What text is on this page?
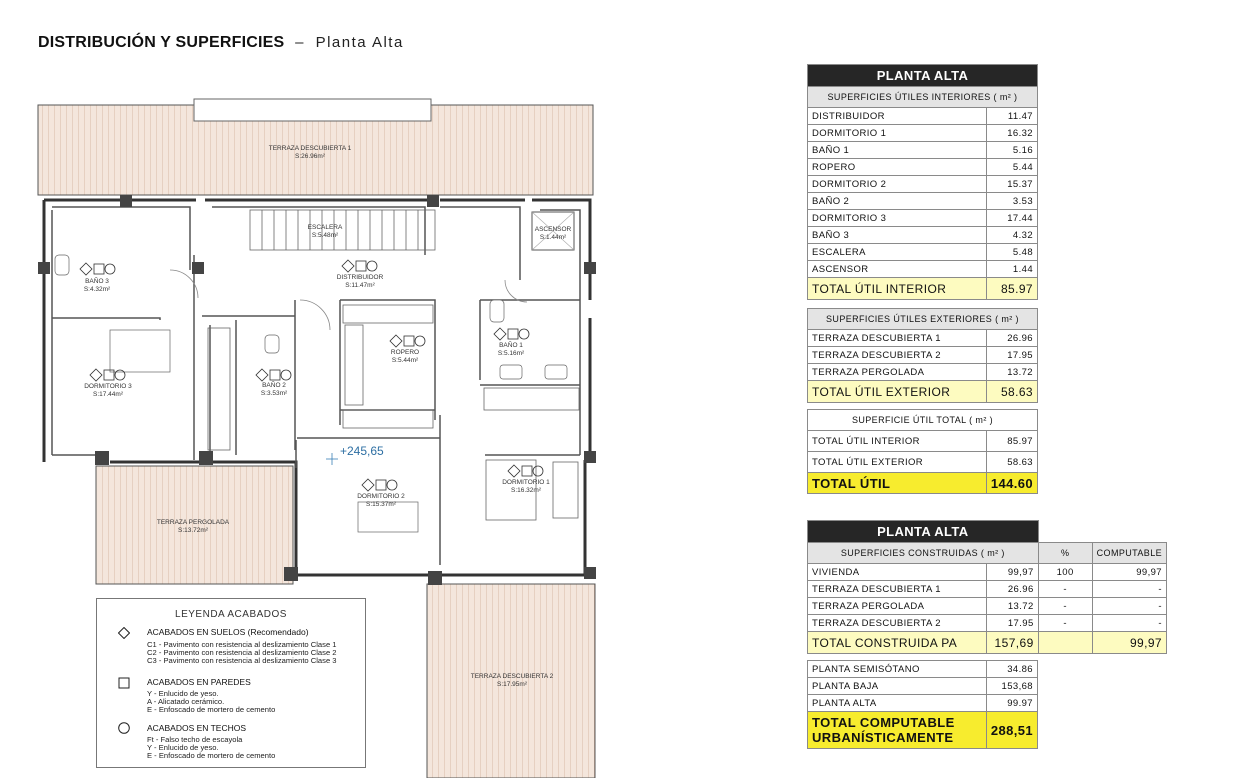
DISTRIBUCIÓN Y SUPERFICIES – Planta Alta
TERRAZA DESCUBIERTA 1
S:26.96m²
ESCALERA
S:5.48m²
ASCENSOR
S:1.44m²
DISTRIBUIDOR
S:11.47m²
BAÑO 3
S:4.32m²
ROPERO
S:5.44m²
BAÑO 1
S:5.16m²
DORMITORIO 3
S:17.44m²
BAÑO 2
S:3.53m²
DORMITORIO 2
S:15.37m²
DORMITORIO 1
S:16.32m²
TERRAZA PERGOLADA
S:13.72m²
TERRAZA DESCUBIERTA 2
S:17.95m²
+245,65
LEYENDA ACABADOS
ACABADOS EN SUELOS (Recomendado)
C1 - Pavimento con resistencia al deslizamiento Clase 1
C2 - Pavimento con resistencia al deslizamiento Clase 2
C3 - Pavimento con resistencia al deslizamiento Clase 3
ACABADOS EN PAREDES
Y - Enlucido de yeso.
A - Alicatado cerámico.
E - Enfoscado de mortero de cemento
ACABADOS EN TECHOS
Ft - Falso techo de escayola
Y - Enlucido de yeso.
E - Enfoscado de mortero de cemento
PLANTA ALTA	
SUPERFICIES ÚTILES INTERIORES ( m² )	
DISTRIBUIDOR	11.47
DORMITORIO 1	16.32
BAÑO 1	5.16
ROPERO	5.44
DORMITORIO 2	15.37
BAÑO 2	3.53
DORMITORIO 3	17.44
BAÑO 3	4.32
ESCALERA	5.48
ASCENSOR	1.44
TOTAL ÚTIL INTERIOR	85.97
SUPERFICIES ÚTILES EXTERIORES ( m² )	
TERRAZA DESCUBIERTA 1	26.96
TERRAZA DESCUBIERTA 2	17.95
TERRAZA PERGOLADA	13.72
TOTAL ÚTIL EXTERIOR	58.63
SUPERFICIE ÚTIL TOTAL ( m² )	
TOTAL ÚTIL INTERIOR	85.97
TOTAL ÚTIL EXTERIOR	58.63
TOTAL ÚTIL	144.60
PLANTA ALTA			
SUPERFICIES CONSTRUIDAS ( m² )		%	COMPUTABLE
VIVIENDA	99,97	100	99,97
TERRAZA DESCUBIERTA 1	26.96	-	-
TERRAZA PERGOLADA	13.72	-	-
TERRAZA DESCUBIERTA 2	17.95	-	-
TOTAL CONSTRUIDA PA	157,69		99,97
PLANTA SEMISÓTANO	34.86
PLANTA BAJA	153,68
PLANTA ALTA	99.97
TOTAL COMPUTABLE
URBANÍSTICAMENTE	288,51
